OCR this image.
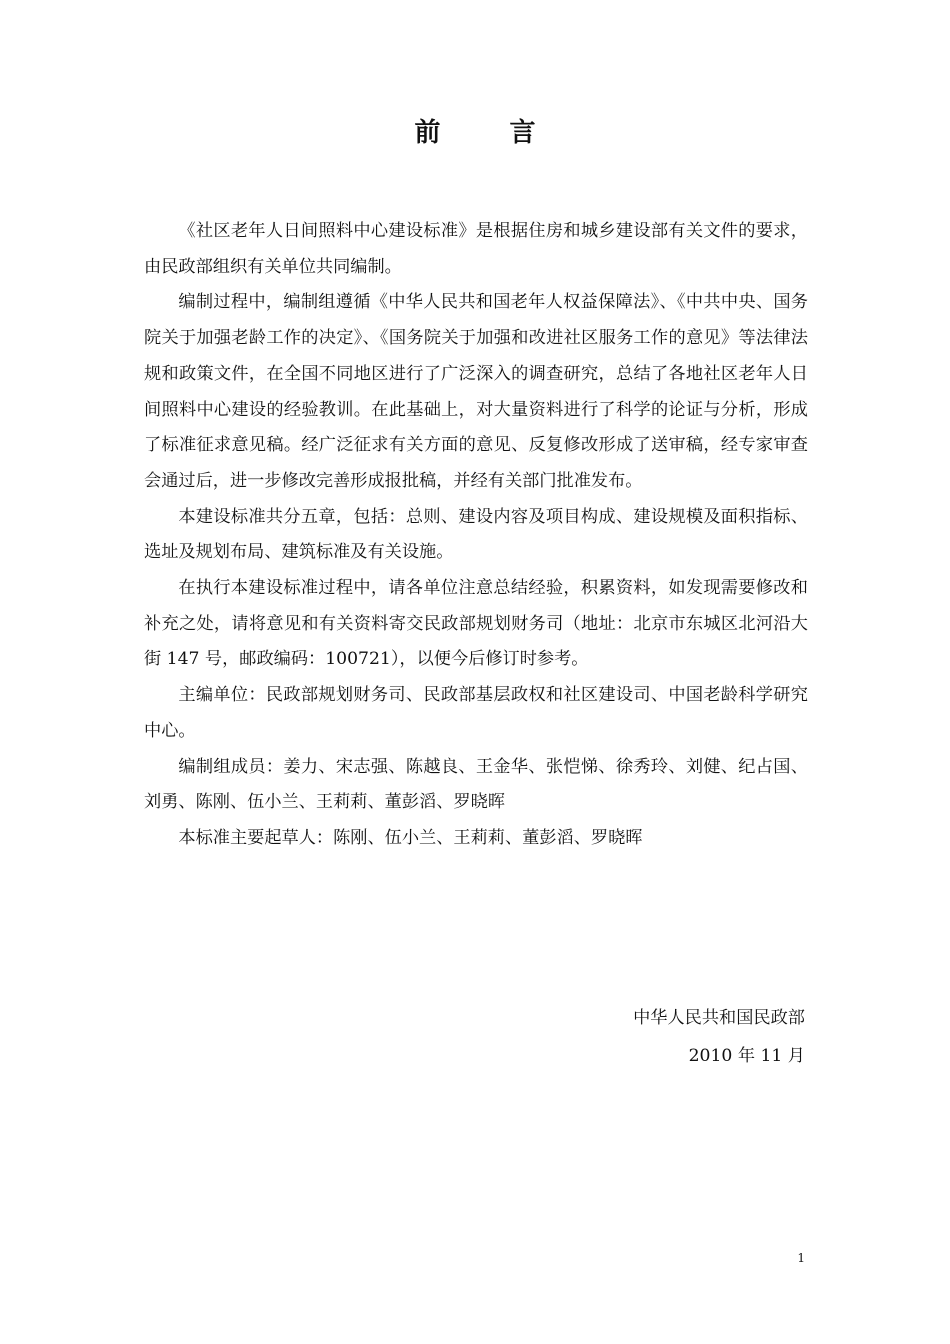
前 言

《社区老年人日间照料中心建设标准》是根据住房和城乡建设部有关文件的要求，由民政部组织有关单位共同编制。

编制过程中，编制组遵循《中华人民共和国老年人权益保障法》、《中共中央、国务院关于加强老龄工作的决定》、《国务院关于加强和改进社区服务工作的意见》等法律法规和政策文件，在全国不同地区进行了广泛深入的调查研究，总结了各地社区老年人日间照料中心建设的经验教训。在此基础上，对大量资料进行了科学的论证与分析，形成了标准征求意见稿。经广泛征求有关方面的意见、反复修改形成了送审稿，经专家审查会通过后，进一步修改完善形成报批稿，并经有关部门批准发布。

本建设标准共分五章，包括：总则、建设内容及项目构成、建设规模及面积指标、选址及规划布局、建筑标准及有关设施。

在执行本建设标准过程中，请各单位注意总结经验，积累资料，如发现需要修改和补充之处，请将意见和有关资料寄交民政部规划财务司（地址：北京市东城区北河沿大街 147 号，邮政编码：100721），以便今后修订时参考。

主编单位：民政部规划财务司、民政部基层政权和社区建设司、中国老龄科学研究中心。

编制组成员：姜力、宋志强、陈越良、王金华、张恺悌、徐秀玲、刘健、纪占国、刘勇、陈刚、伍小兰、王莉莉、董彭滔、罗晓晖

本标准主要起草人：陈刚、伍小兰、王莉莉、董彭滔、罗晓晖

中华人民共和国民政部
2010 年 11 月
1
